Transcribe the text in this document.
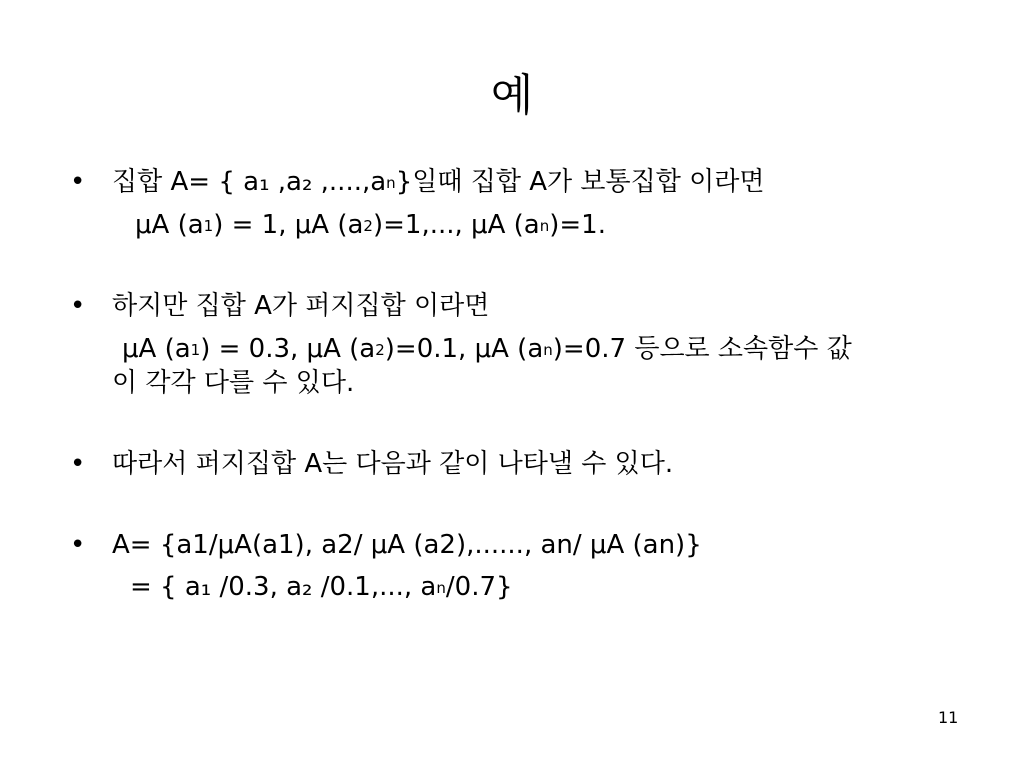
예
• 집합 A= { a₁ ,a₂ $,....,a_n$}일때 집합 A가 보통집합 이라면
μA $(a_1) = 1$, μA $(a_2)=1$,..., μA $(a_n)=1$.
• 하지만 집합 A가 퍼지집합 이라면
μA $(a_1) = 0.3$, μA $(a_2)=0.1$, μA $(a_n)=0.7$ 등으로 소속함수 값
이 각각 다를 수 있다.
• 따라서 퍼지집합 A는 다음과 같이 나타낼 수 있다.
• A= {a1/μA(a1), a2/ μA (a2),......, an/ μA (an)}
= { a₁ /0.3, a₂ /0.1,..., $a_n/0.7$}
11
